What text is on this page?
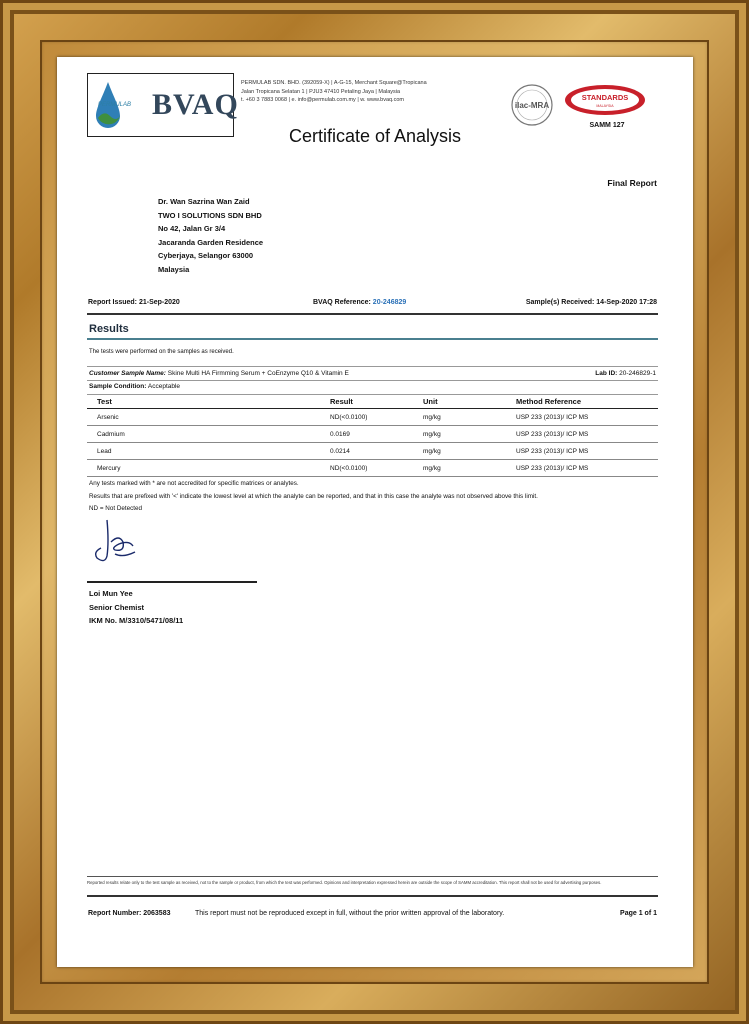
PERMULAB BVAQ
PERMULAB SDN. BHD. (392059-X) | A-G-15, Merchant Square@Tropicana
Jalan Tropicana Selatan 1 | PJU3 47410 Petaling Jaya | Malaysia
t. +60 3 7883 0068 | e. info@permulab.com.my | w. www.bvaq.com
ilac-MRA
STANDARDS
MALAYSIA
SAMM 127
Certificate of Analysis
Final Report
Dr. Wan Sazrina Wan Zaid
TWO I SOLUTIONS SDN BHD
No 42, Jalan Gr 3/4
Jacaranda Garden Residence
Cyberjaya, Selangor 63000
Malaysia
Report Issued: 21-Sep-2020	BVAQ Reference: 20-246829	Sample(s) Received: 14-Sep-2020 17:28
Results
The tests were performed on the samples as received.
Customer Sample Name: Skine Multi HA Firmming Serum + CoEnzyme Q10 & Vitamin E	Lab ID: 20-246829-1
Sample Condition: Acceptable
Test	Result	Unit	Method Reference
Arsenic	ND(<0.0100)	mg/kg	USP 233 (2013)/ ICP MS
Cadmium	0.0169	mg/kg	USP 233 (2013)/ ICP MS
Lead	0.0214	mg/kg	USP 233 (2013)/ ICP MS
Mercury	ND(<0.0100)	mg/kg	USP 233 (2013)/ ICP MS
Any tests marked with * are not accredited for specific matrices or analytes.
Results that are prefixed with '<' indicate the lowest level at which the analyte can be reported, and that in this case the analyte was not observed above this limit.
ND = Not Detected
Loi Mun Yee
Senior Chemist
IKM No. M/3310/5471/08/11
Reported results relate only to the test sample as received, not to the sample or product, from which the test was performed. Opinions and interpretation expressed herein are outside the scope of SAMM accreditation. This report shall not be used for advertising purposes.
Report Number: 2063583	This report must not be reproduced except in full, without the prior written approval of the laboratory.	Page 1 of 1
